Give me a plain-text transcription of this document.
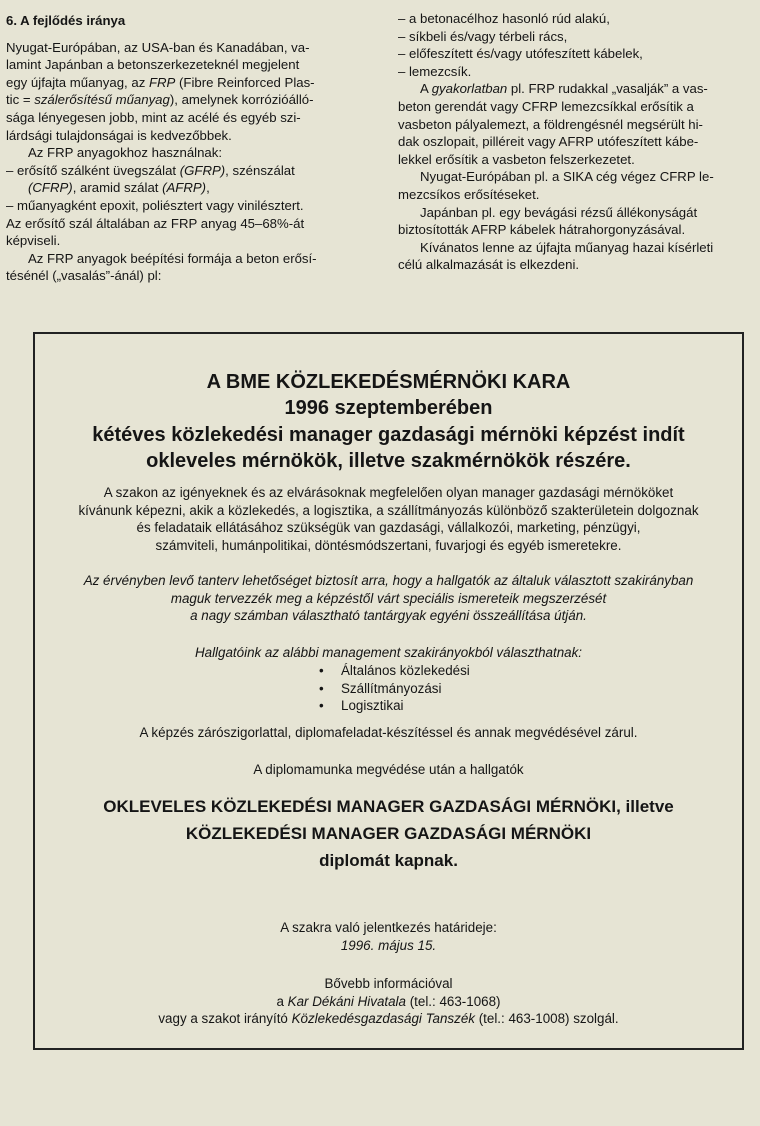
6. A fejlődés iránya

Nyugat-Európában, az USA-ban és Kanadában, va-
lamint Japánban a betonszerkezeteknél megjelent
egy újfajta műanyag, az FRP (Fibre Reinforced Plas-
tic = szálerősítésű műanyag), amelynek korrózióálló-
sága lényegesen jobb, mint az acélé és egyéb szi-
lárdsági tulajdonságai is kedvezőbbek.

Az FRP anyagokhoz használnak:

– erősítő szálként üvegszálat (GFRP), szénszálat

(CFRP), aramid szálat (AFRP),

– műanyagként epoxit, poliésztert vagy vinilésztert.

Az erősítő szál általában az FRP anyag 45–68%-át
képviseli.

Az FRP anyagok beépítési formája a beton erősí-
tésénél („vasalás”-ánál) pl:

– a betonacélhoz hasonló rúd alakú,

– síkbeli és/vagy térbeli rács,

– előfeszített és/vagy utófeszített kábelek,

– lemezcsík.

A gyakorlatban pl. FRP rudakkal „vasalják” a vas-
beton gerendát vagy CFRP lemezcsíkkal erősítik a
vasbeton pályalemezt, a földrengésnél megsérült hi-
dak oszlopait, pilléreit vagy AFRP utófeszített kábe-
lekkel erősítik a vasbeton felszerkezetet.

Nyugat-Európában pl. a SIKA cég végez CFRP le-
mezcsíkos erősítéseket.

Japánban pl. egy bevágási rézsű állékonyságát
biztosították AFRP kábelek hátrahorgonyzásával.

Kívánatos lenne az újfajta műanyag hazai kísérleti
célú alkalmazását is elkezdeni.

A BME KÖZLEKEDÉSMÉRNÖKI KARA
1996 szeptemberében
kétéves közlekedési manager gazdasági mérnöki képzést indít
okleveles mérnökök, illetve szakmérnökök részére.
A szakon az igényeknek és az elvárásoknak megfelelően olyan manager gazdasági mérnököket
kívánunk képezni, akik a közlekedés, a logisztika, a szállítmányozás különböző szakterületein dolgoznak
és feladataik ellátásához szükségük van gazdasági, vállalkozói, marketing, pénzügyi,
számviteli, humánpolitikai, döntésmódszertani, fuvarjogi és egyéb ismeretekre.
Az érvényben levő tanterv lehetőséget biztosít arra, hogy a hallgatók az általuk választott szakirányban
maguk tervezzék meg a képzéstől várt speciális ismereteik megszerzését
a nagy számban választható tantárgyak egyéni összeállítása útján.
Hallgatóink az alábbi management szakirányokból választhatnak:
• Általános közlekedési
• Szállítmányozási
• Logisztikai
A képzés zárószigorlattal, diplomafeladat-készítéssel és annak megvédésével zárul.
A diplomamunka megvédése után a hallgatók
OKLEVELES KÖZLEKEDÉSI MANAGER GAZDASÁGI MÉRNÖKI, illetve
KÖZLEKEDÉSI MANAGER GAZDASÁGI MÉRNÖKI
diplomát kapnak.
A szakra való jelentkezés határideje:
1996. május 15.
Bővebb információval
a Kar Dékáni Hivatala (tel.: 463-1068)
vagy a szakot irányító Közlekedésgazdasági Tanszék (tel.: 463-1008) szolgál.
